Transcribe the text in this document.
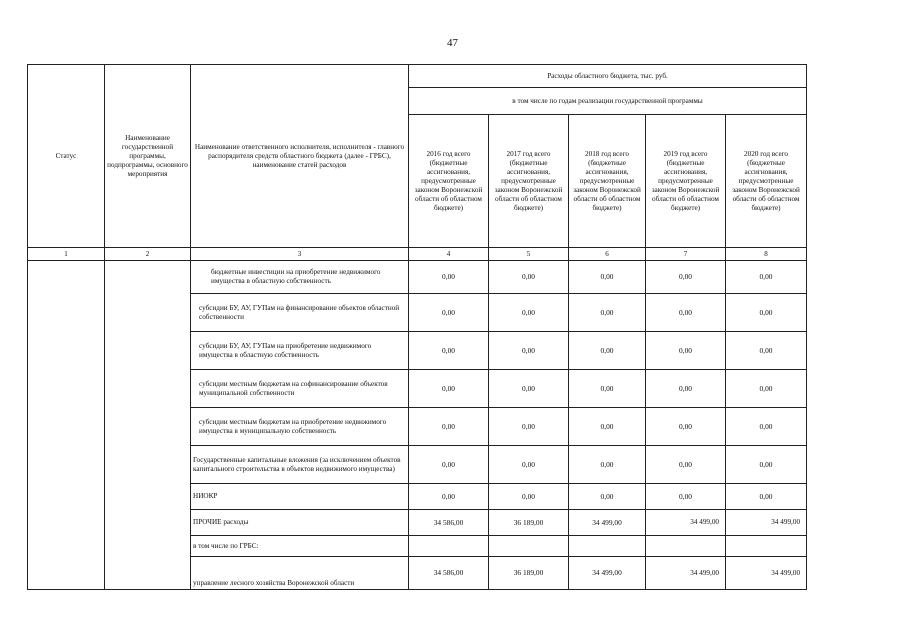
47
Статус	Наименование государственной программы, подпрограммы, основного мероприятия	Наименование ответственного исполнителя, исполнителя - главного распорядителя средств областного бюджета (далее - ГРБС), наименование статей расходов	Расходы областного бюджета, тыс. руб.				
			в том числе по годам реализации государственной программы				
			2016 год всего (бюджетные ассигнования, предусмотренные законом Воронежской области об областном бюджете)	2017 год всего (бюджетные ассигнования, предусмотренные законом Воронежской области об областном бюджете)	2018 год всего (бюджетные ассигнования, предусмотренные законом Воронежской области об областном бюджете)	2019 год всего (бюджетные ассигнования, предусмотренные законом Воронежской области об областном бюджете)	2020 год всего (бюджетные ассигнования, предусмотренные законом Воронежской области об областном бюджете)
1	2	3	4	5	6	7	8
		бюджетные инвестиции на приобретение недвижимого имущества в областную собственность	0,00	0,00	0,00	0,00	0,00
		субсидии БУ, АУ, ГУПам на финансирование объектов областной собственности	0,00	0,00	0,00	0,00	0,00
		субсидии БУ, АУ, ГУПам на приобретение недвижимого имущества в областную собственность	0,00	0,00	0,00	0,00	0,00
		субсидии местным бюджетам на софинансирование объектов муниципальной собственности	0,00	0,00	0,00	0,00	0,00
		субсидии местным бюджетам на приобретение недвижимого имущества в муниципальную собственность	0,00	0,00	0,00	0,00	0,00
		Государственные капитальные вложения (за исключением объектов капитального строительства в объектов недвижимого имущества)	0,00	0,00	0,00	0,00	0,00
		НИОКР	0,00	0,00	0,00	0,00	0,00
		ПРОЧИЕ расходы	34 586,00	36 189,00	34 499,00	34 499,00	34 499,00
		в том числе по ГРБС:					
		управление лесного хозяйства Воронежской области	34 586,00	36 189,00	34 499,00	34 499,00	34 499,00
